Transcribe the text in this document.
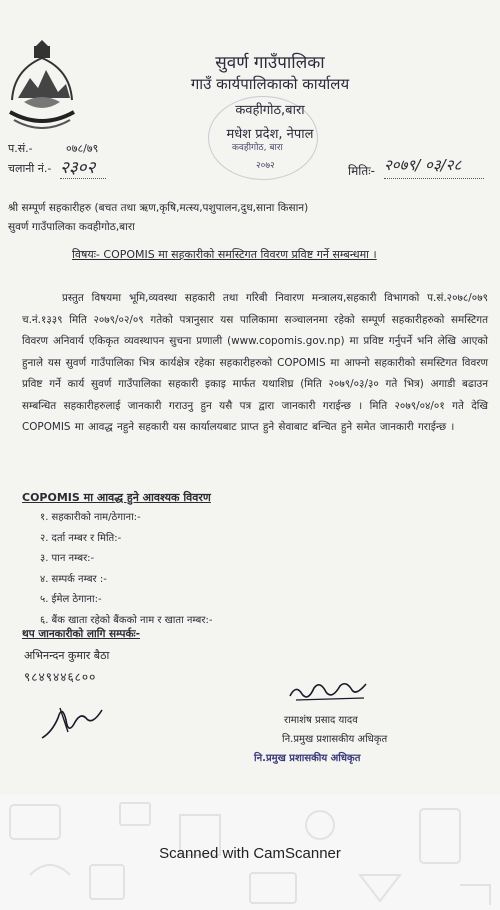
सुवर्ण गाउँपालिका
गाउँ कार्यपालिकाको कार्यालय
कवहीगोठ,बारा
मधेश प्रदेश, नेपाल
कवहीगोठ, बारा
२०७२
प.सं.-	०७८/७९
चलानी नं.- २३०२	मितिः- २०७९/ ०३/२८
श्री सम्पूर्ण सहकारीहरु (बचत तथा ऋण,कृषि,मत्स्य,पशुपालन,दुध,साना किसान)
सुवर्ण गाउँपालिका कवहीगोठ,बारा
विषयः- COPOMIS मा सहकारीको समस्टिगत विवरण प्रविष्ट गर्ने सम्बन्धमा ।
प्रस्तुत विषयमा भूमि,व्यवस्था सहकारी तथा गरिबी निवारण मन्त्रालय,सहकारी विभागको प.सं.२०७८/०७९ च.नं.१३३९ मिति २०७९/०२/०९ गतेको पत्रानुसार यस पालिकामा सञ्चालनमा रहेको सम्पूर्ण सहकारीहरुको समस्टिगत विवरण अनिवार्य एकिकृत व्यवस्थापन सुचना प्रणाली (www.copomis.gov.np) मा प्रविष्ट गर्नुपर्ने भनि लेखि आएको हुनाले यस सुवर्ण गाउँपालिका भित्र कार्यक्षेत्र रहेका सहकारीहरुको COPOMIS मा आफ्नो सहकारीको समस्टिगत विवरण प्रविष्ट गर्ने कार्य सुवर्ण गाउँपालिका सहकारी इकाइ मार्फत यथाशिघ्र (मिति २०७९/०३/३० गते भित्र) अगाडी बढाउन सम्बन्धित सहकारीहरुलाई जानकारी गराउनु हुन यसै पत्र द्वारा जानकारी गराईन्छ । मिति २०७९/०४/०१ गते देखि COPOMIS मा आवद्ध नहुने सहकारी यस कार्यालयबाट प्राप्त हुने सेवाबाट बन्चित हुने समेत जानकारी गराईन्छ ।
COPOMIS मा आवद्ध हुने आवश्यक विवरण
१. सहकारीको नाम/ठेगाना:-
२. दर्ता नम्बर र मिति:-
३. पान नम्बर:-
४. सम्पर्क नम्बर :-
५. ईमेल ठेगाना:-
६. बैंक खाता रहेको बैंकको नाम र खाता नम्बर:-
थप जानकारीको लागि सम्पर्कः-
अभिनन्दन कुमार बैठा
९८४९४४६८००
रामाशंष प्रसाद यादव
नि.प्रमुख प्रशासकीय अधिकृत
नि.प्रमुख प्रशासकीय अधिकृत
Scanned with CamScanner
